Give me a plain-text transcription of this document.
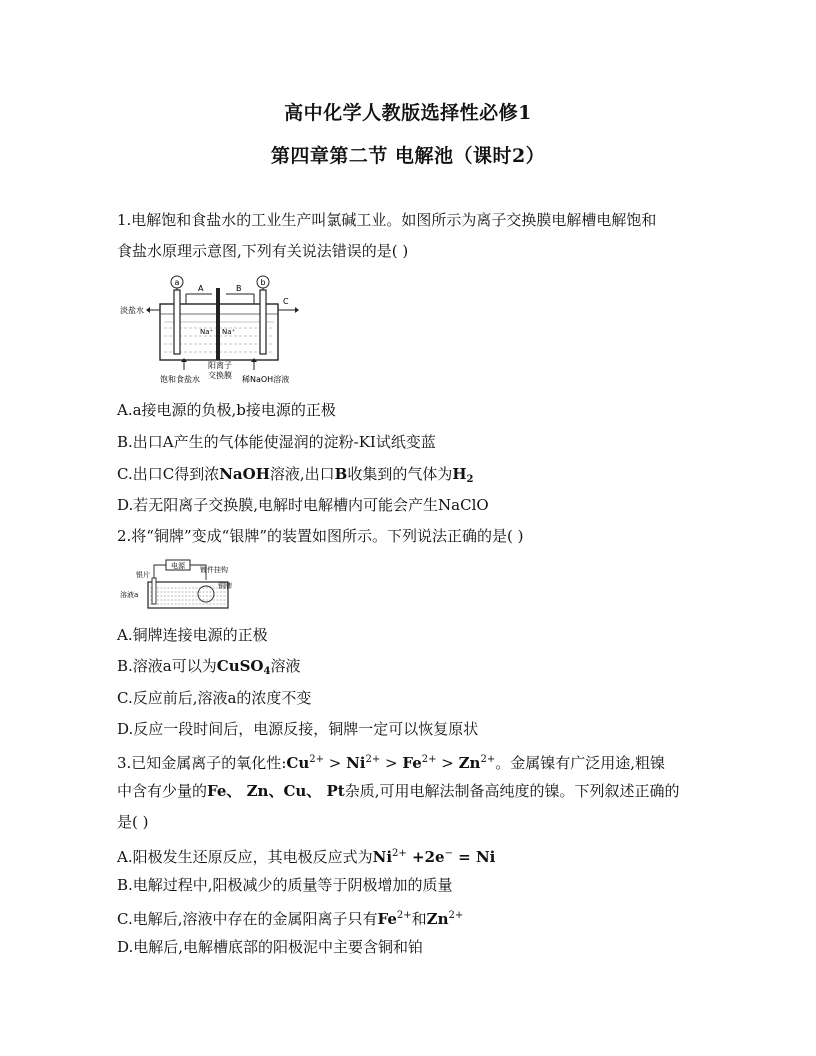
高中化学人教版选择性必修1
第四章第二节 电解池（课时2）
1.电解饱和食盐水的工业生产叫氯碱工业。如图所示为离子交换膜电解槽电解饱和
食盐水原理示意图,下列有关说法错误的是( )
a	b
A	B
C
淡盐水
Na⁺ Na⁺
阳离子
交换膜
饱和食盐水	稀NaOH溶液
A.a接电源的负极,b接电源的正极
B.出口A产生的气体能使湿润的淀粉-KI试纸变蓝
C.出口C得到浓NaOH溶液,出口B收集到的气体为$H_2$
D.若无阳离子交换膜,电解时电解槽内可能会产生NaClO
2.将“铜牌”变成“银牌”的装置如图所示。下列说法正确的是( )
电源
银片
镀件挂钩
溶液a
铜牌
A.铜牌连接电源的正极
B.溶液a可以为CuSO$_4$溶液
C.反应前后,溶液a的浓度不变
D.反应一段时间后，电源反接，铜牌一定可以恢复原状
3.已知金属离子的氧化性$:Cu^{2+} > Ni^{2+} > Fe^{2+} > Zn^{2+}$。金属镍有广泛用途,粗镍
中含有少量的Fe、 Zn、Cu、 Pt杂质,可用电解法制备高纯度的镍。下列叙述正确的
是( )
A.阳极发生还原反应，其电极反应式为$Ni^{2+} +2e^- = Ni$
B.电解过程中,阳极减少的质量等于阴极增加的质量
C.电解后,溶液中存在的金属阳离子只有$Fe^{2+}$和$Zn^{2+}$
D.电解后,电解槽底部的阳极泥中主要含铜和铂
